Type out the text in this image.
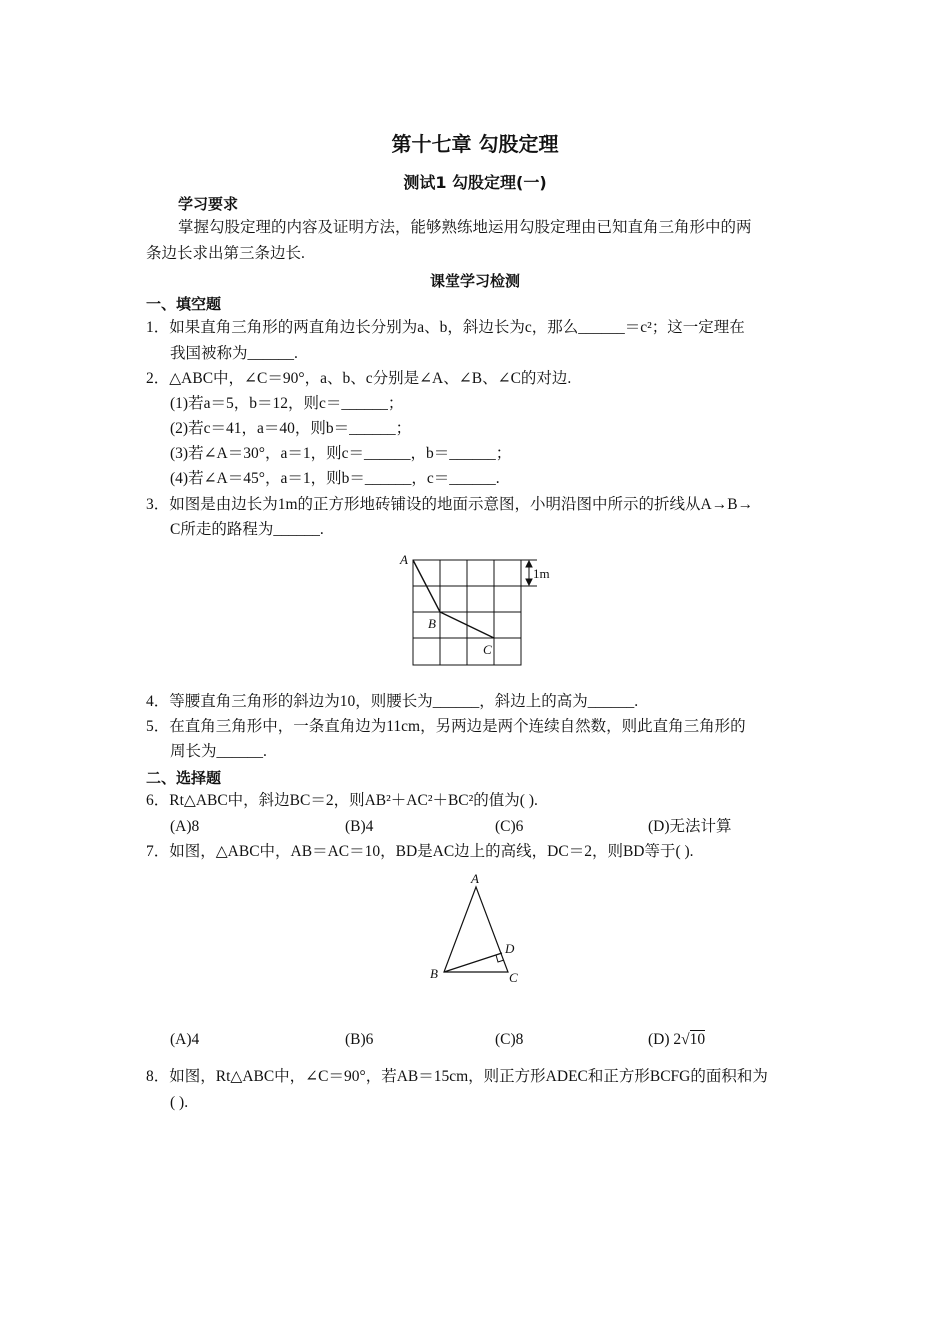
第十七章 勾股定理
测试1 勾股定理(一)
学习要求
掌握勾股定理的内容及证明方法，能够熟练地运用勾股定理由已知直角三角形中的两
条边长求出第三条边长.
课堂学习检测
一、填空题
1．如果直角三角形的两直角边长分别为a、b，斜边长为c，那么______＝c²；这一定理在
我国被称为______.
2．△ABC中，∠C＝90°，a、b、c分别是∠A、∠B、∠C的对边.
(1)若a＝5，b＝12，则c＝______；
(2)若c＝41，a＝40，则b＝______；
(3)若∠A＝30°，a＝1，则c＝______，b＝______；
(4)若∠A＝45°，a＝1，则b＝______，c＝______.
3．如图是由边长为1m的正方形地砖铺设的地面示意图，小明沿图中所示的折线从A→B→
C所走的路程为______.
A
B
C
1m
4．等腰直角三角形的斜边为10，则腰长为______，斜边上的高为______.
5．在直角三角形中，一条直角边为11cm，另两边是两个连续自然数，则此直角三角形的
周长为______.
二、选择题
6．Rt△ABC中，斜边BC＝2，则AB²＋AC²＋BC²的值为( ).
(A)8	(B)4	(C)6	(D)无法计算
7．如图，△ABC中，AB＝AC＝10，BD是AC边上的高线，DC＝2，则BD等于( ).
A
B	C
D
(A)4	(B)6	(C)8	(D) 2√10
8．如图，Rt△ABC中，∠C＝90°，若AB＝15cm，则正方形ADEC和正方形BCFG的面积和为
( ).
